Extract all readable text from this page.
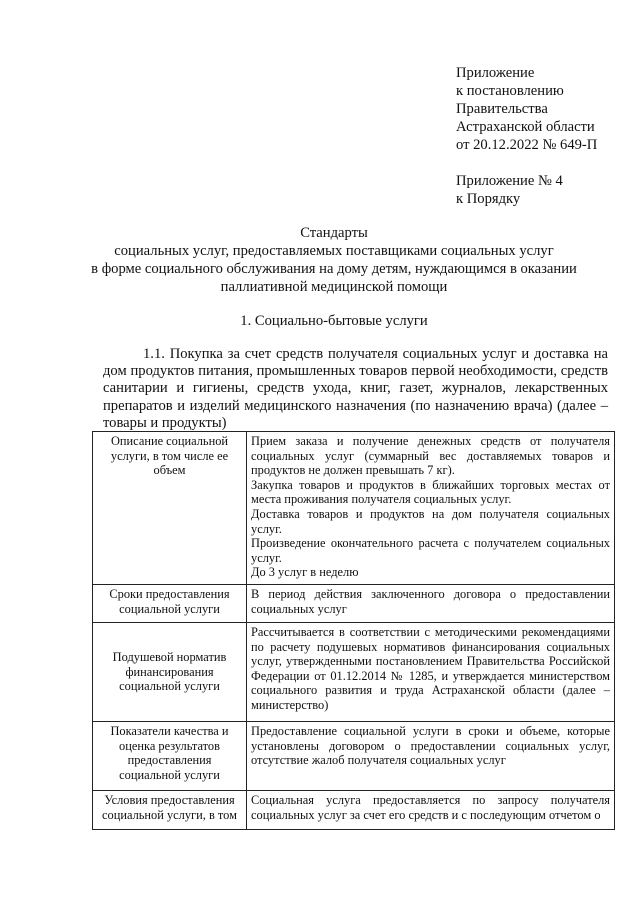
Приложение
к постановлению
Правительства
Астраханской области
от 20.12.2022 № 649-П
Приложение № 4
к Порядку
Стандарты
социальных услуг, предоставляемых поставщиками социальных услуг
в форме социального обслуживания на дому детям, нуждающимся в оказании
паллиативной медицинской помощи
1. Социально-бытовые услуги
1.1. Покупка за счет средств получателя социальных услуг и доставка на дом продуктов питания, промышленных товаров первой необходимости, средств санитарии и гигиены, средств ухода, книг, газет, журналов, лекарственных препаратов и изделий медицинского назначения (по назначению врача) (далее – товары и продукты)
Описание социальной услуги, в том числе ее объем	Прием заказа и получение денежных средств от получателя социальных услуг (суммарный вес доставляемых товаров и продуктов не должен превышать 7 кг).
Закупка товаров и продуктов в ближайших торговых местах от места проживания получателя социальных услуг.
Доставка товаров и продуктов на дом получателя социальных услуг.
Произведение окончательного расчета с получателем социальных услуг.
До 3 услуг в неделю

Сроки предоставления социальной услуги	В период действия заключенного договора о предоставлении социальных услуг
Подушевой норматив финансирования социальной услуги	Рассчитывается в соответствии с методическими рекомендациями по расчету подушевых нормативов финансирования социальных услуг, утвержденными постановлением Правительства Российской Федерации от 01.12.2014 № 1285, и утверждается министерством социального развития и труда Астраханской области (далее – министерство)
Показатели качества и оценка результатов предоставления социальной услуги	Предоставление социальной услуги в сроки и объеме, которые установлены договором о предоставлении социальных услуг, отсутствие жалоб получателя социальных услуг

Условия предоставления социальной услуги, в том	Социальная услуга предоставляется по запросу получателя социальных услуг за счет его средств и с последующим отчетом о
